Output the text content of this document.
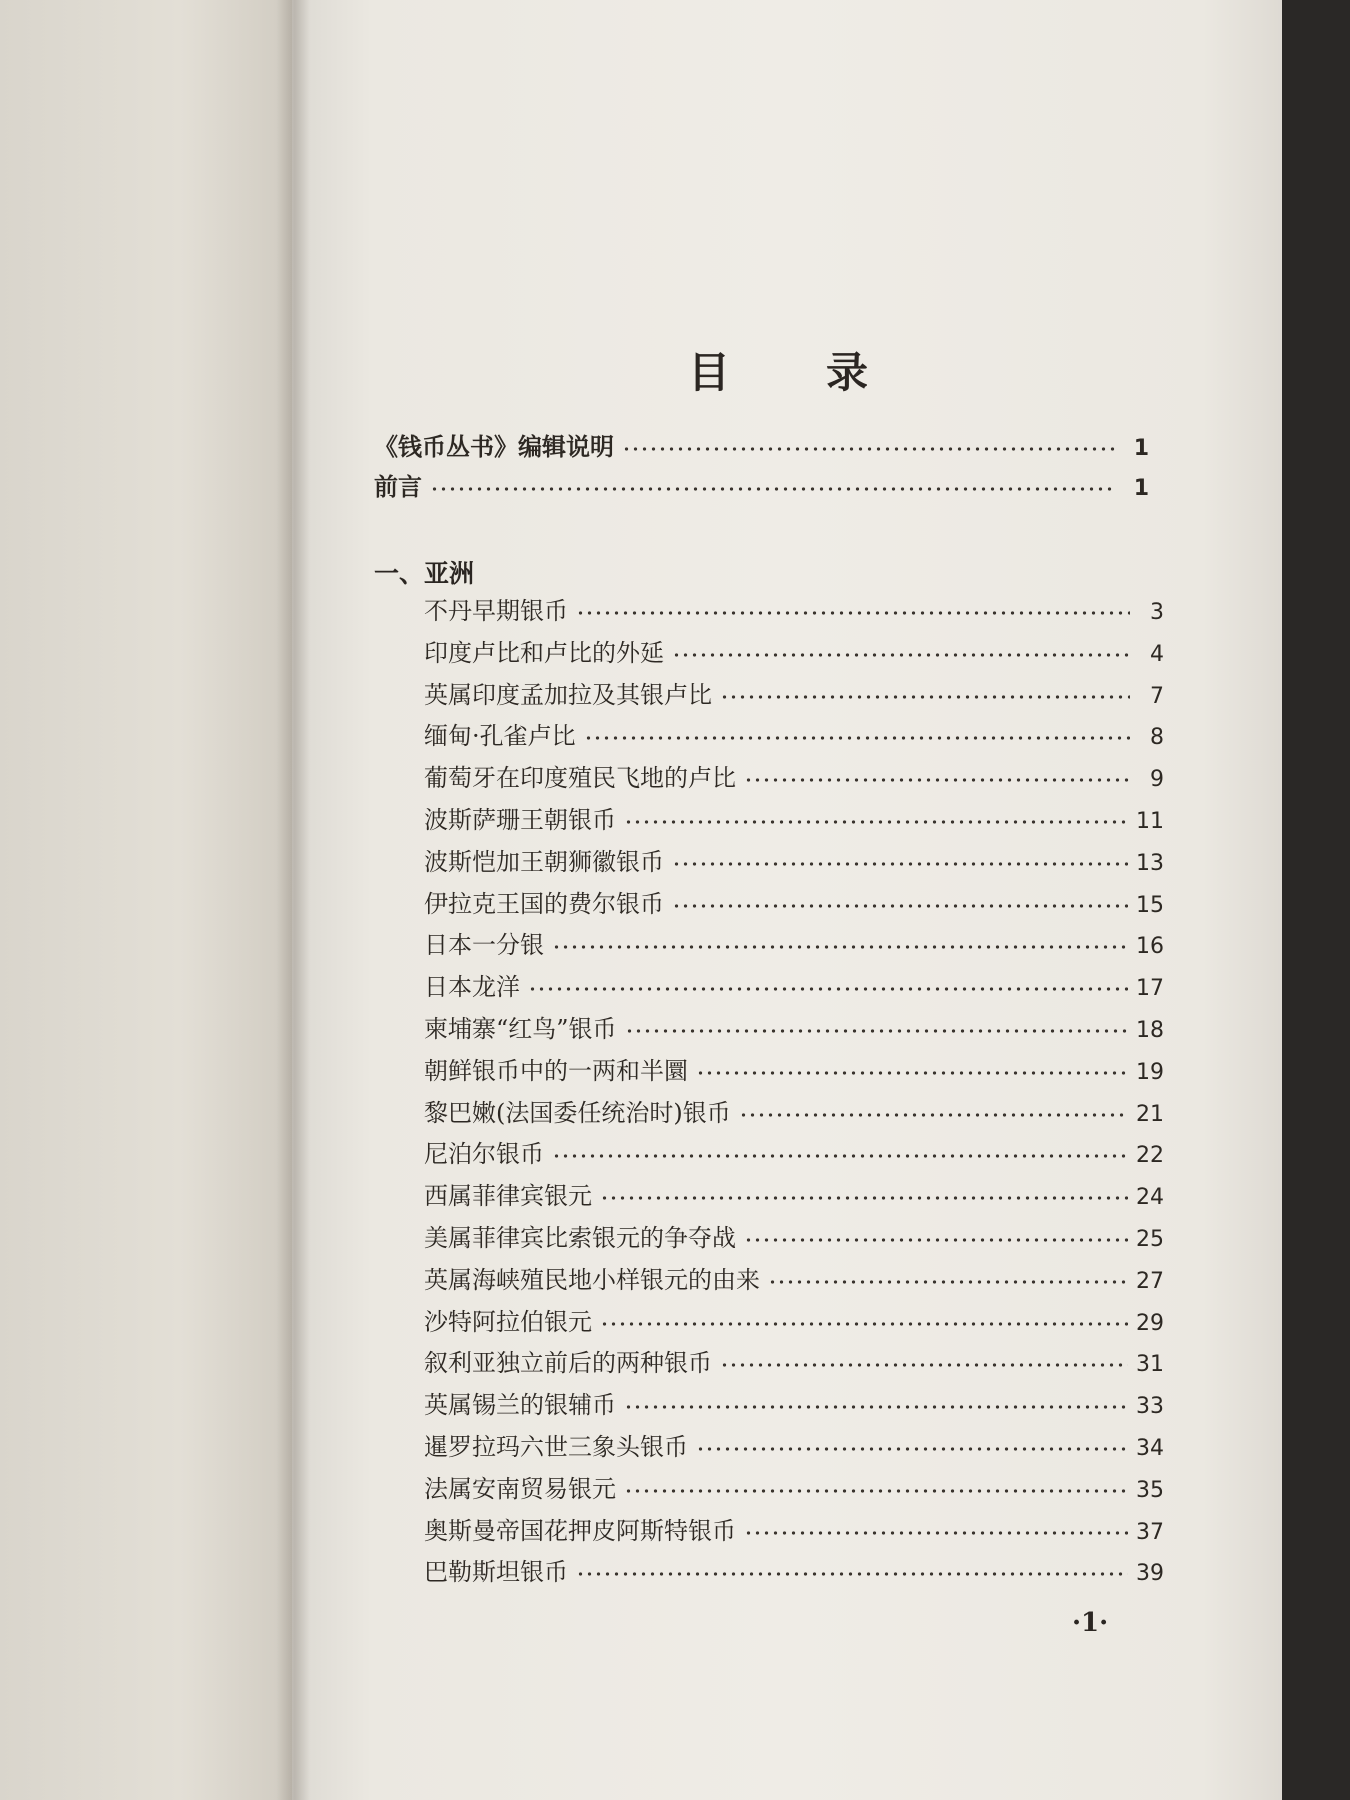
目 录
《钱币丛书》编辑说明	1
前言	1
一、亚洲
不丹早期银币	3
印度卢比和卢比的外延	4
英属印度孟加拉及其银卢比	7
缅甸·孔雀卢比	8
葡萄牙在印度殖民飞地的卢比	9
波斯萨珊王朝银币	11
波斯恺加王朝狮徽银币	13
伊拉克王国的费尔银币	15
日本一分银	16
日本龙洋	17
柬埔寨“红鸟”银币	18
朝鲜银币中的一两和半圜	19
黎巴嫩(法国委任统治时)银币	21
尼泊尔银币	22
西属菲律宾银元	24
美属菲律宾比索银元的争夺战	25
英属海峡殖民地小样银元的由来	27
沙特阿拉伯银元	29
叙利亚独立前后的两种银币	31
英属锡兰的银辅币	33
暹罗拉玛六世三象头银币	34
法属安南贸易银元	35
奥斯曼帝国花押皮阿斯特银币	37
巴勒斯坦银币	39
·1·
